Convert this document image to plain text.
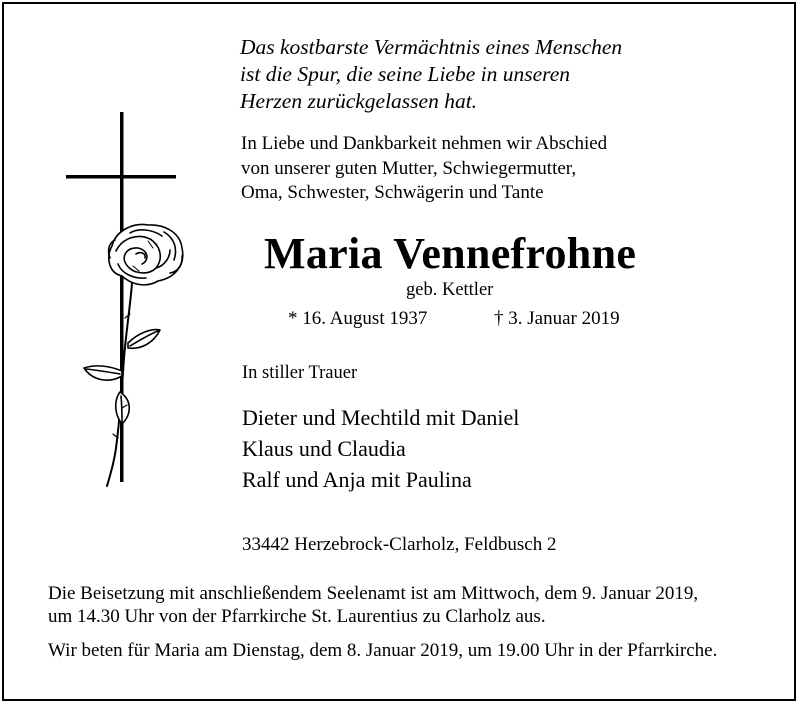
Das kostbarste Vermächtnis eines Menschen
ist die Spur, die seine Liebe in unseren
Herzen zurückgelassen hat.
In Liebe und Dankbarkeit nehmen wir Abschied
von unserer guten Mutter, Schwiegermutter,
Oma, Schwester, Schwägerin und Tante
Maria Vennefrohne
geb. Kettler
* 16. August 1937	† 3. Januar 2019
In stiller Trauer
Dieter und Mechtild mit Daniel
Klaus und Claudia
Ralf und Anja mit Paulina
33442 Herzebrock-Clarholz, Feldbusch 2
Die Beisetzung mit anschließendem Seelenamt ist am Mittwoch, dem 9. Januar 2019,
um 14.30 Uhr von der Pfarrkirche St. Laurentius zu Clarholz aus.
Wir beten für Maria am Dienstag, dem 8. Januar 2019, um 19.00 Uhr in der Pfarrkirche.
